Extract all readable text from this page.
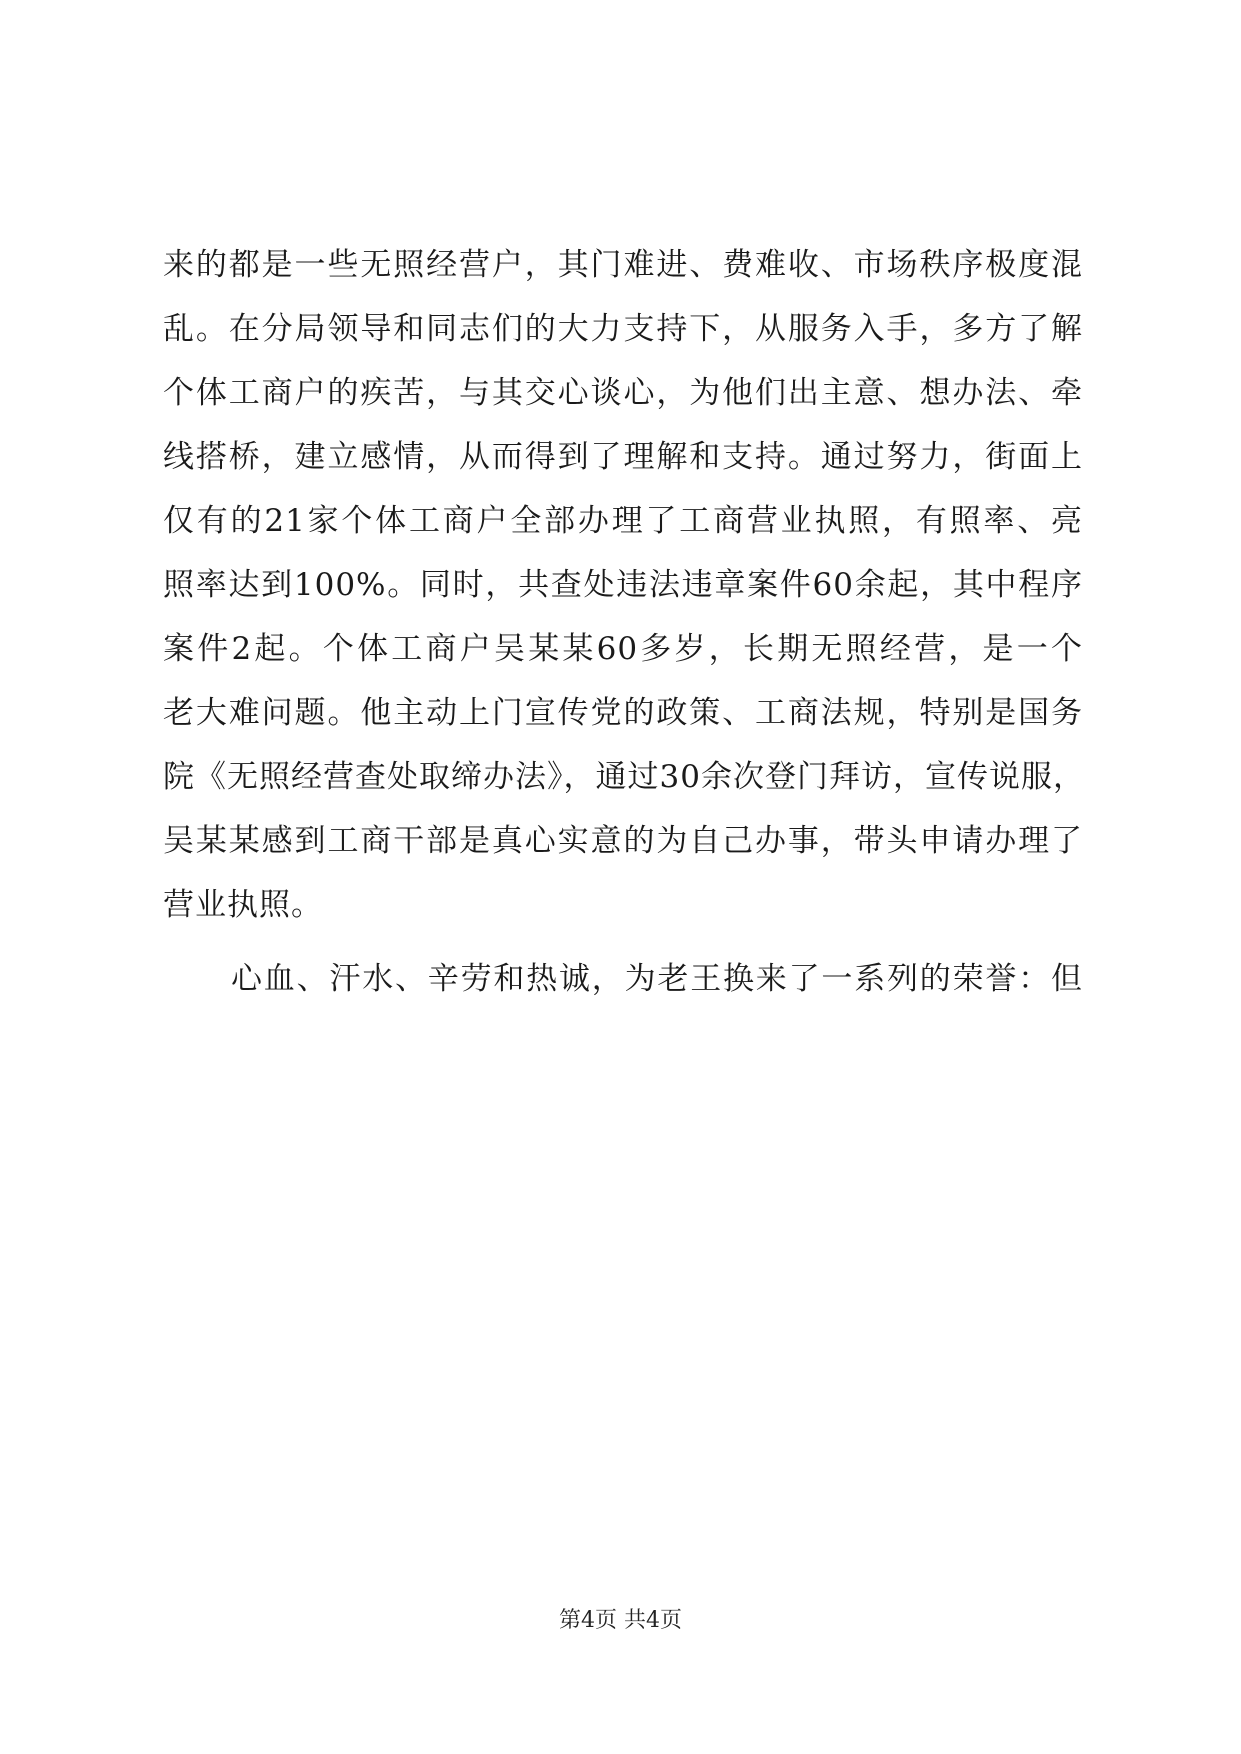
来的都是一些无照经营户，其门难进、费难收、市场秩序极度混
乱。在分局领导和同志们的大力支持下，从服务入手，多方了解
个体工商户的疾苦，与其交心谈心，为他们出主意、想办法、牵
线搭桥，建立感情，从而得到了理解和支持。通过努力，街面上
仅有的21家个体工商户全部办理了工商营业执照，有照率、亮
照率达到100%。同时，共查处违法违章案件60余起，其中程序
案件2起。个体工商户吴某某60多岁，长期无照经营，是一个
老大难问题。他主动上门宣传党的政策、工商法规，特别是国务
院《无照经营查处取缔办法》，通过30余次登门拜访，宣传说服，
吴某某感到工商干部是真心实意的为自己办事，带头申请办理了
营业执照。
心血、汗水、辛劳和热诚，为老王换来了一系列的荣誉：但
第4页 共4页
